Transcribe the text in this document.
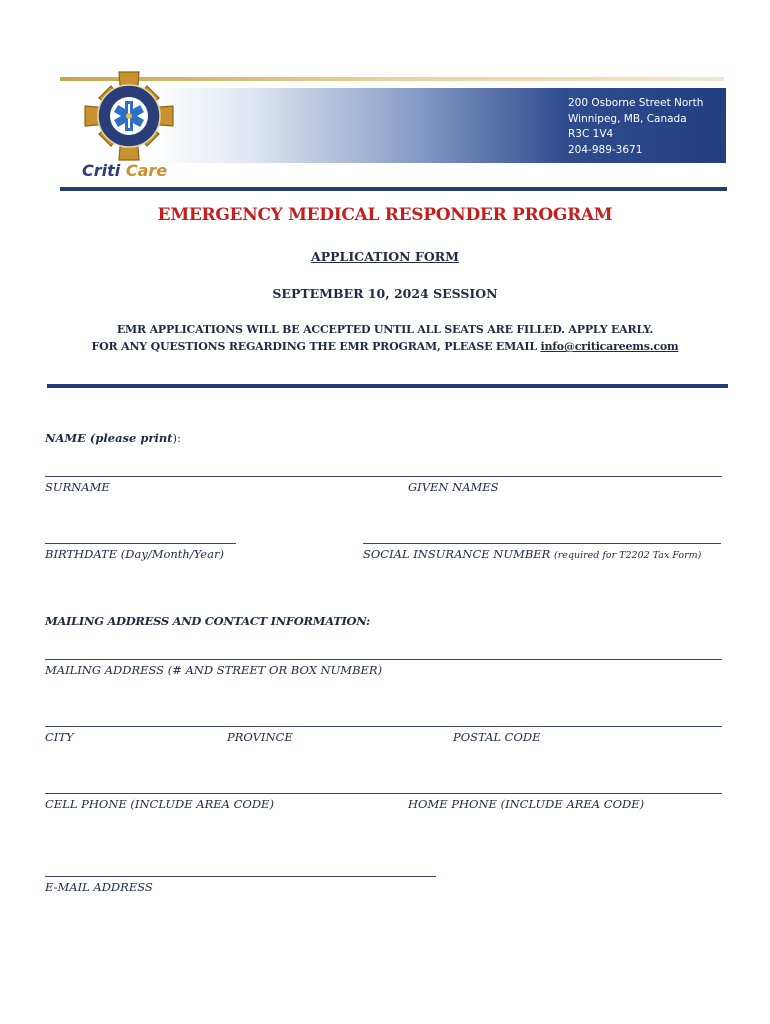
Criti Care
200 Osborne Street North
Winnipeg, MB, Canada
R3C 1V4
204-989-3671
EMERGENCY MEDICAL RESPONDER PROGRAM
APPLICATION FORM
SEPTEMBER 10, 2024 SESSION
EMR APPLICATIONS WILL BE ACCEPTED UNTIL ALL SEATS ARE FILLED. APPLY EARLY.
FOR ANY QUESTIONS REGARDING THE EMR PROGRAM, PLEASE EMAIL info@criticareems.com
NAME (please print):
SURNAME	GIVEN NAMES
BIRTHDATE (Day/Month/Year)	SOCIAL INSURANCE NUMBER (required for T2202 Tax Form)
MAILING ADDRESS AND CONTACT INFORMATION:
MAILING ADDRESS (# AND STREET OR BOX NUMBER)
CITY	PROVINCE	POSTAL CODE
CELL PHONE (INCLUDE AREA CODE)	HOME PHONE (INCLUDE AREA CODE)
E-MAIL ADDRESS
